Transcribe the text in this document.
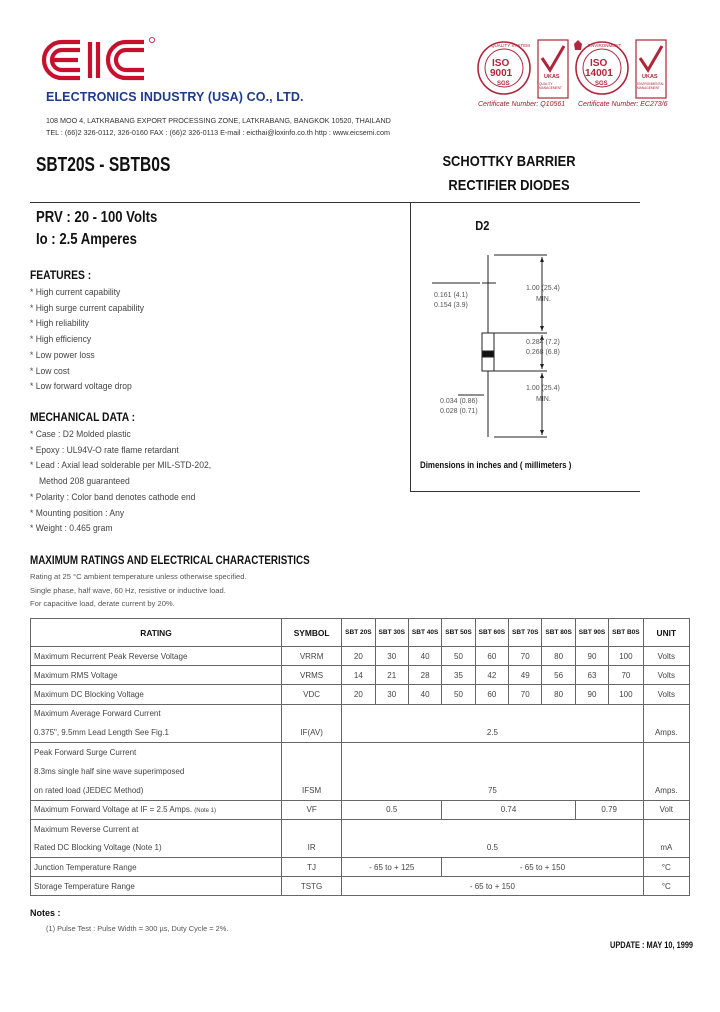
ELECTRONICS INDUSTRY (USA) CO., LTD.
108 MOO 4, LATKRABANG EXPORT PROCESSING ZONE, LATKRABANG, BANGKOK 10520, THAILAND
TEL : (66)2 326-0112, 326-0160 FAX : (66)2 326-0113 E-mail : eicthai@loxinfo.co.th http : www.eicsemi.com
ISO
9001
QUALITY SYSTEM
SGS
UKAS
QUALITY MANAGEMENT
Certificate Number: Q10561
ISO
14001
ENVIRONMENT
SGS
UKAS
ENVIRONMENTAL MANAGEMENT
Certificate Number: EC273/6
SBT20S - SBTB0S	SCHOTTKY BARRIER
RECTIFIER DIODES
PRV : 20 - 100 Volts
Io : 2.5 Amperes
FEATURES :
* High current capability
* High surge current capability
* High reliability
* High efficiency
* Low power loss
* Low cost
* Low forward voltage drop
MECHANICAL DATA :
* Case : D2 Molded plastic
* Epoxy : UL94V-O rate flame retardant
* Lead : Axial lead solderable per MIL-STD-202,
Method 208 guaranteed
* Polarity : Color band denotes cathode end
* Mounting position : Any
* Weight : 0.465 gram
D2
0.161 (4.1)
0.154 (3.9)
1.00 (25.4)
MIN.
0.284 (7.2)
0.268 (6.8)
0.034 (0.86)
0.028 (0.71)
1.00 (25.4)
MIN.
Dimensions in inches and ( millimeters )
MAXIMUM RATINGS AND ELECTRICAL CHARACTERISTICS
Rating at 25 °C ambient temperature unless otherwise specified.
Single phase, half wave, 60 Hz, resistive or inductive load.
For capacitive load, derate current by 20%.
RATING	SYMBOL	SBT 20S	SBT 30S	SBT 40S	SBT 50S	SBT 60S	SBT 70S	SBT 80S	SBT 90S	SBT B0S	UNIT
Maximum Recurrent Peak Reverse Voltage	VRRM	20	30	40	50	60	70	80	90	100	Volts
Maximum RMS Voltage	VRMS	14	21	28	35	42	49	56	63	70	Volts
Maximum DC Blocking Voltage	VDC	20	30	40	50	60	70	80	90	100	Volts
Maximum Average Forward Current											
0.375", 9.5mm Lead Length See Fig.1	IF(AV)	2.5									Amps.
Peak Forward Surge Current											
8.3ms single half sine wave superimposed											
on rated load (JEDEC Method)	IFSM	75									Amps.
Maximum Forward Voltage at IF = 2.5 Amps. (Note 1)	VF	0.5			0.74				0.79		Volt
Maximum Reverse Current at											
Rated DC Blocking Voltage (Note 1)	IR	0.5									mA
Junction Temperature Range	TJ	- 65 to + 125			- 65 to + 150						°C
Storage Temperature Range	TSTG	- 65 to + 150									°C
Notes :
(1) Pulse Test : Pulse Width = 300 µs, Duty Cycle = 2%.
UPDATE : MAY 10, 1999
